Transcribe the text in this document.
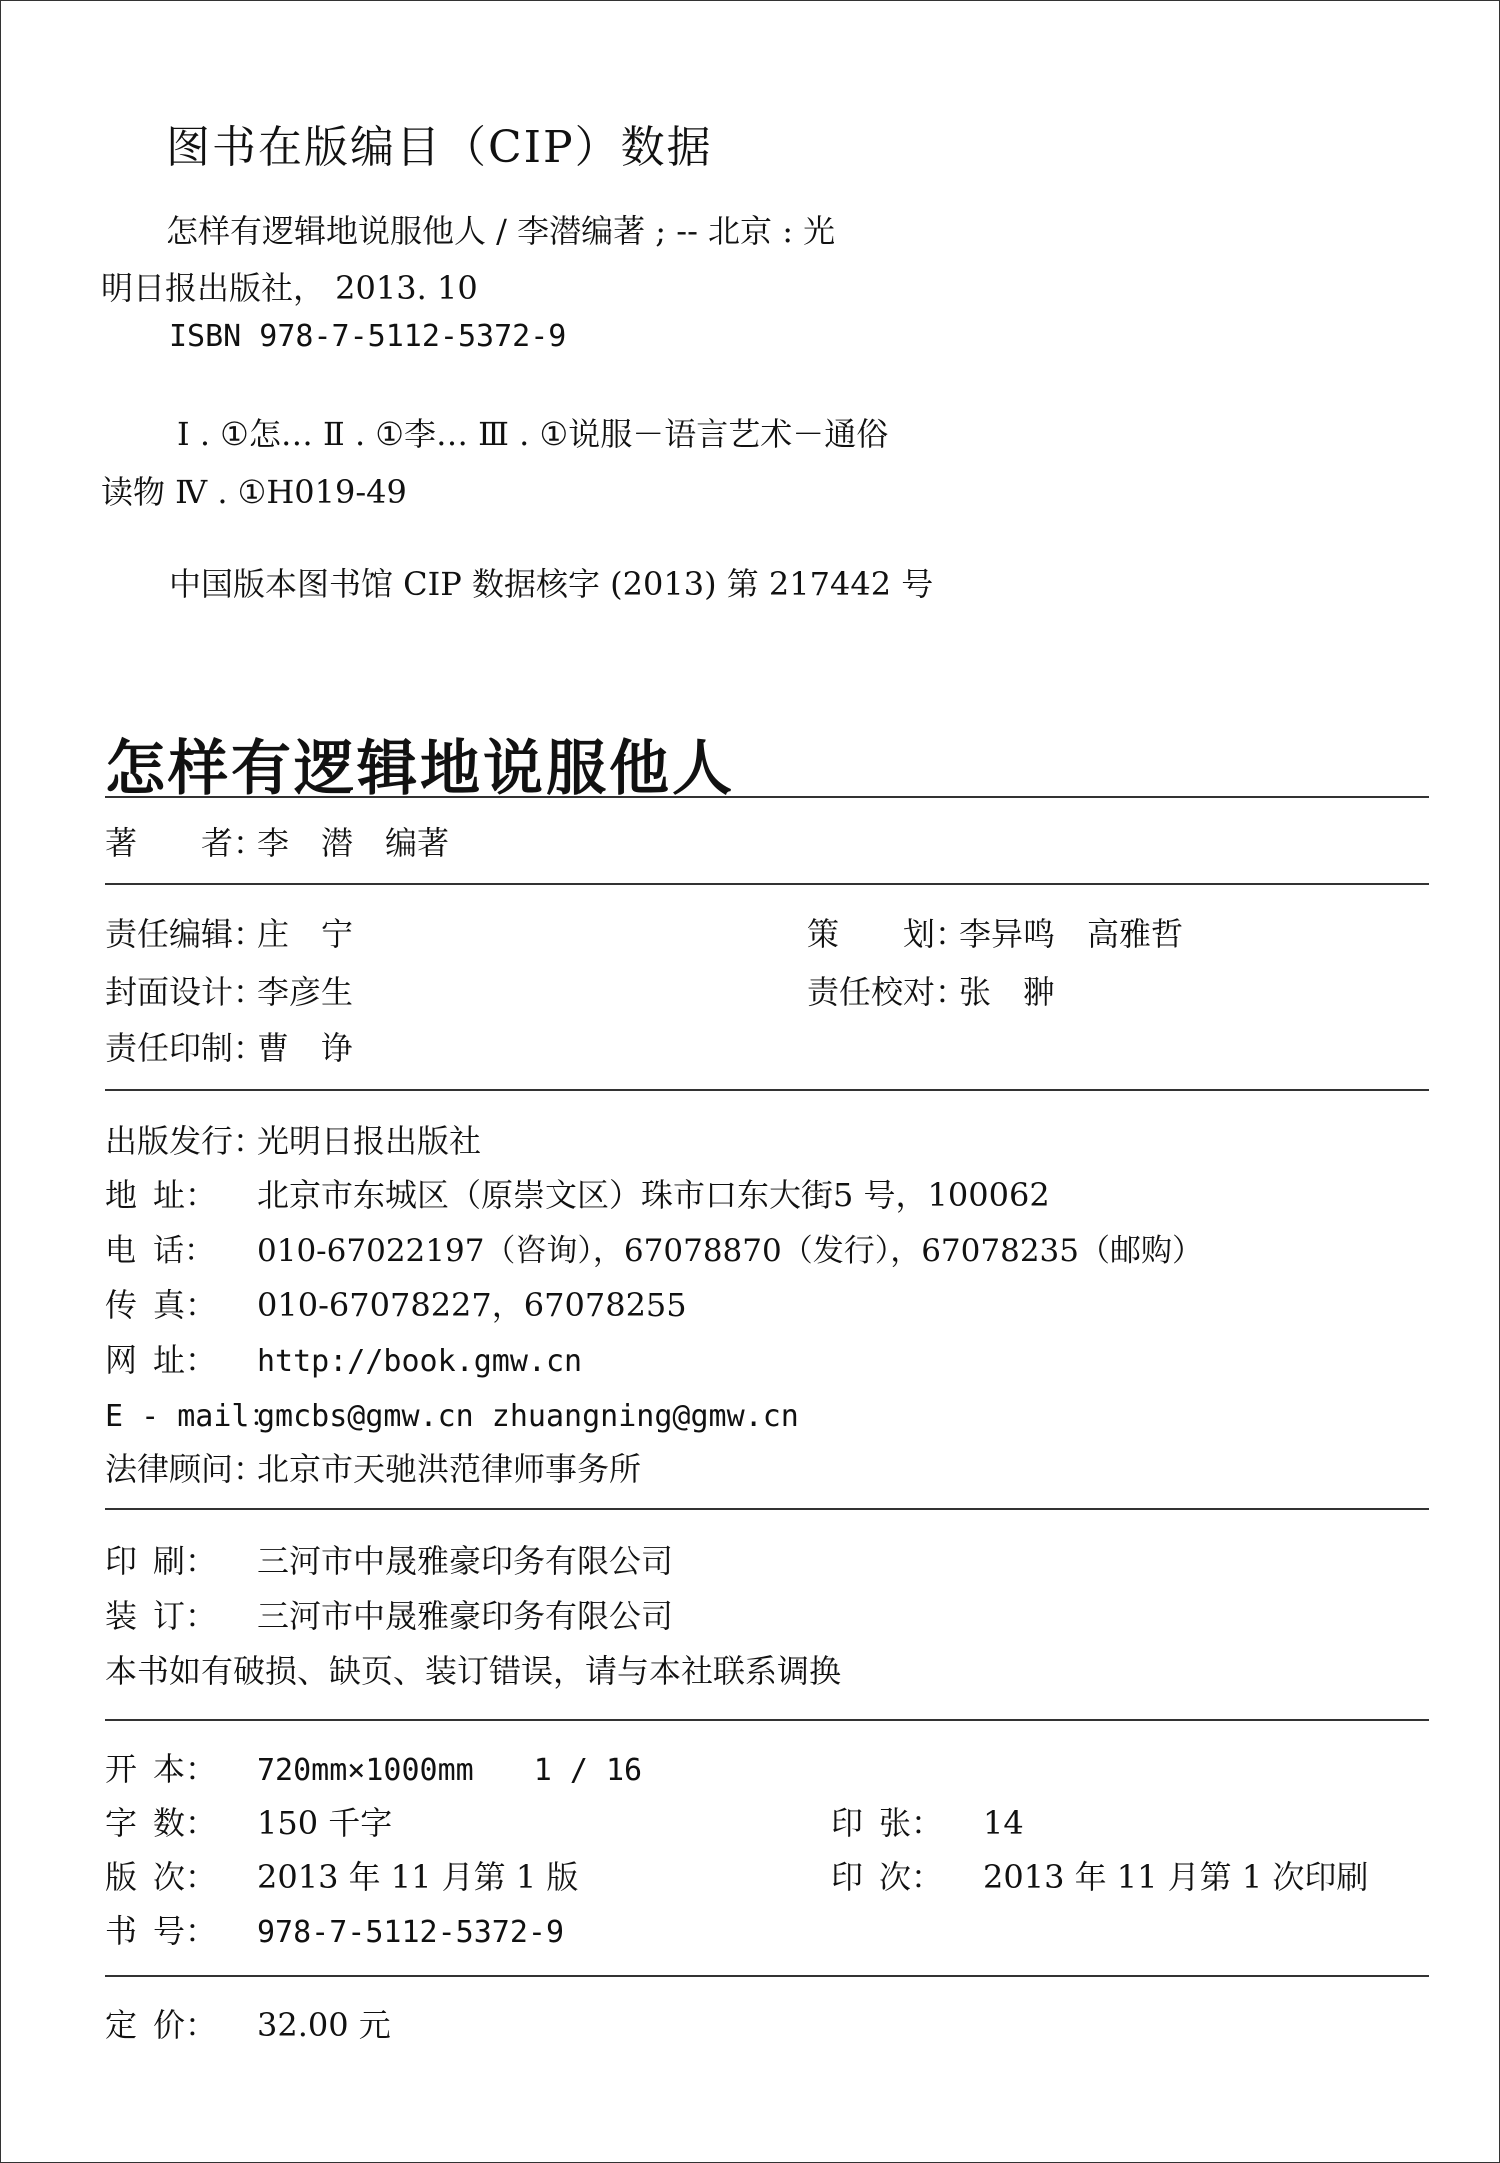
图书在版编目（CIP）数据
怎样有逻辑地说服他人 / 李潜编著 ; -- 北京 : 光
明日报出版社， 2013. 10
ISBN 978-7-5112-5372-9
Ⅰ . ①怎… Ⅱ . ①李… Ⅲ . ①说服－语言艺术－通俗
读物 Ⅳ . ①H019-49
中国版本图书馆 CIP 数据核字 (2013) 第 217442 号
怎样有逻辑地说服他人
著　　者：李　潜　编著
责任编辑：庄　宁	策　　划：李异鸣　高雅哲
封面设计：李彦生	责任校对：张　翀
责任印制：曹　诤
出版发行：光明日报出版社
地 址： 北京市东城区（原崇文区）珠市口东大街5 号，100062
电 话： 010-67022197（咨询），67078870（发行），67078235（邮购）
传 真： 010-67078227，67078255
网 址： http://book.gmw.cn
E - mail：gmcbs@gmw.cn zhuangning@gmw.cn
法律顾问：北京市天驰洪范律师事务所
印 刷： 三河市中晟雅豪印务有限公司
装 订： 三河市中晟雅豪印务有限公司
本书如有破损、缺页、装订错误，请与本社联系调换
开 本： 720mm×1000mm　　1 / 16
字 数： 150 千字	印 张： 14
版 次： 2013 年 11 月第 1 版	印 次： 2013 年 11 月第 1 次印刷
书 号： 978-7-5112-5372-9
定 价： 32.00 元
